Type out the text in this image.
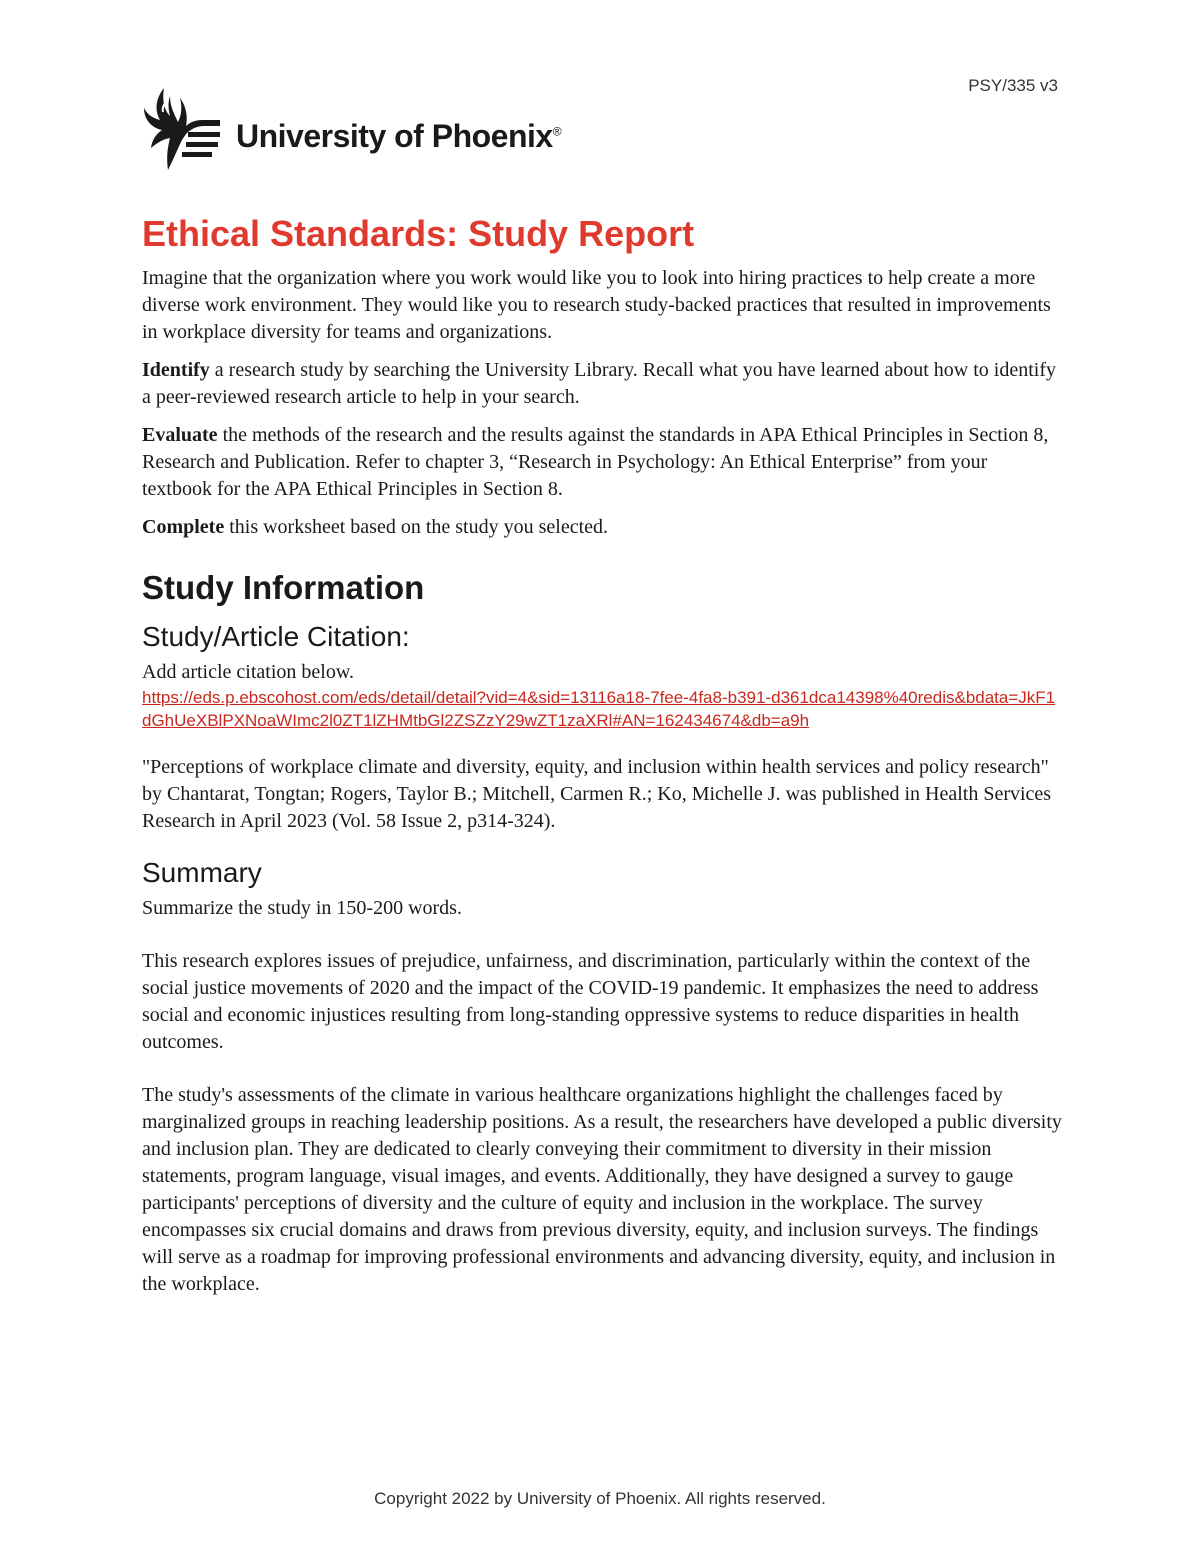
PSY/335 v3
University of Phoenix®
Ethical Standards: Study Report

Imagine that the organization where you work would like you to look into hiring practices to help create a more diverse work environment. They would like you to research study-backed practices that resulted in improvements in workplace diversity for teams and organizations.

Identify a research study by searching the University Library. Recall what you have learned about how to identify a peer-reviewed research article to help in your search.

Evaluate the methods of the research and the results against the standards in APA Ethical Principles in Section 8, Research and Publication. Refer to chapter 3, “Research in Psychology: An Ethical Enterprise” from your textbook for the APA Ethical Principles in Section 8.

Complete this worksheet based on the study you selected.

Study Information
Study/Article Citation:

Add article citation below.

https://eds.p.ebscohost.com/eds/detail/detail?vid=4&sid=13116a18-7fee-4fa8-b391-d361dca14398%40redis&bdata=JkF1dGhUeXBlPXNoaWImc2l0ZT1lZHMtbGl2ZSZzY29wZT1zaXRl#AN=162434674&db=a9h

"Perceptions of workplace climate and diversity, equity, and inclusion within health services and policy research" by Chantarat, Tongtan; Rogers, Taylor B.; Mitchell, Carmen R.; Ko, Michelle J. was published in Health Services Research in April 2023 (Vol. 58 Issue 2, p314-324).

Summary

Summarize the study in 150-200 words.

This research explores issues of prejudice, unfairness, and discrimination, particularly within the context of the social justice movements of 2020 and the impact of the COVID-19 pandemic. It emphasizes the need to address social and economic injustices resulting from long-standing oppressive systems to reduce disparities in health outcomes.

The study's assessments of the climate in various healthcare organizations highlight the challenges faced by marginalized groups in reaching leadership positions. As a result, the researchers have developed a public diversity and inclusion plan. They are dedicated to clearly conveying their commitment to diversity in their mission statements, program language, visual images, and events. Additionally, they have designed a survey to gauge participants' perceptions of diversity and the culture of equity and inclusion in the workplace. The survey encompasses six crucial domains and draws from previous diversity, equity, and inclusion surveys. The findings will serve as a roadmap for improving professional environments and advancing diversity, equity, and inclusion in the workplace.

Copyright 2022 by University of Phoenix. All rights reserved.
